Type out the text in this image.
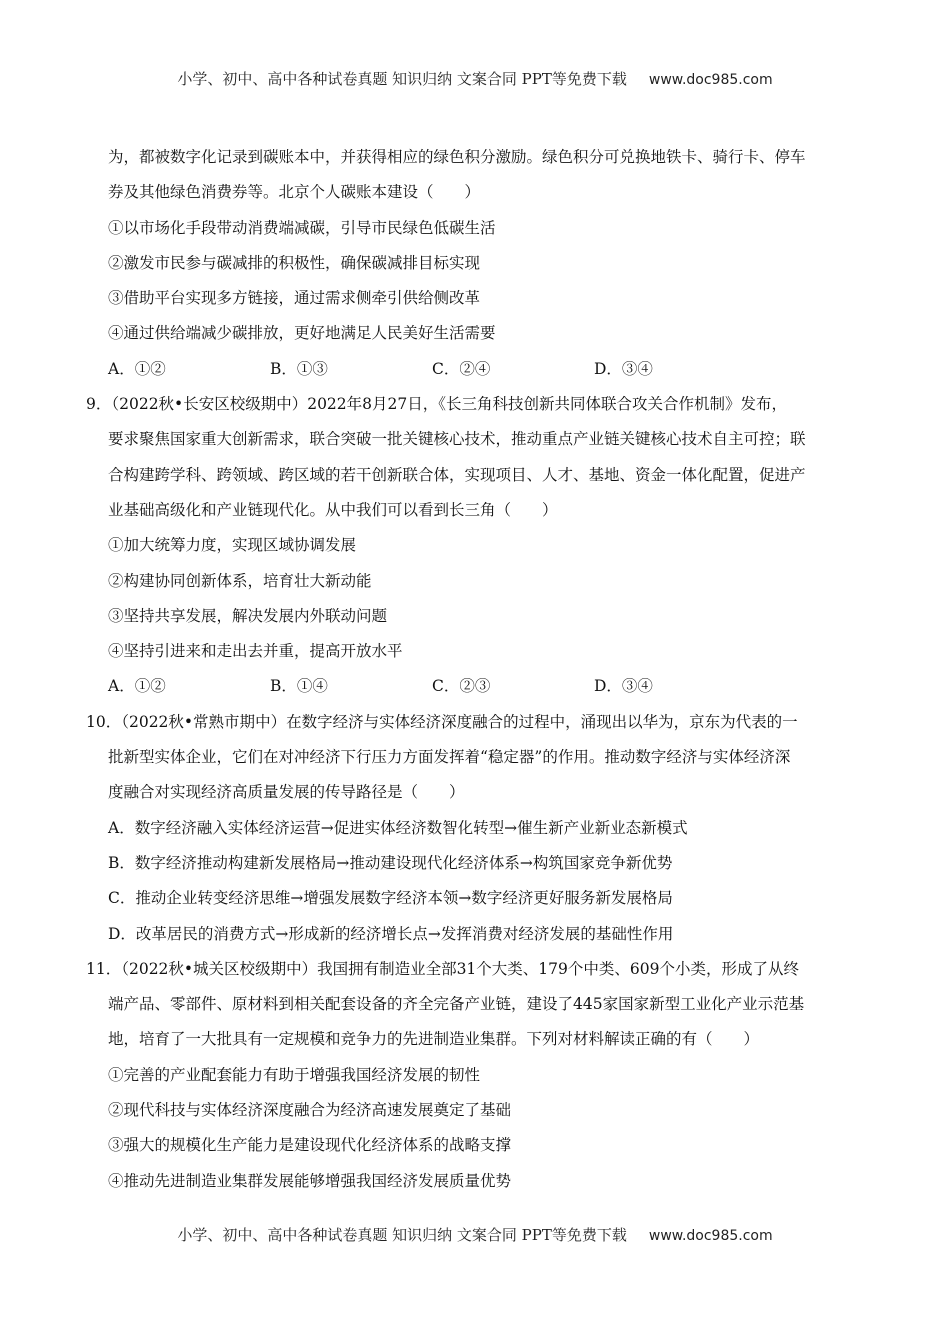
小学、初中、高中各种试卷真题 知识归纳 文案合同 PPT等免费下载 www.doc985.com
为，都被数字化记录到碳账本中，并获得相应的绿色积分激励。绿色积分可兑换地铁卡、骑行卡、停车
券及其他绿色消费券等。北京个人碳账本建设（　　）
①以市场化手段带动消费端减碳，引导市民绿色低碳生活
②激发市民参与碳减排的积极性，确保碳减排目标实现
③借助平台实现多方链接，通过需求侧牵引供给侧改革
④通过供给端减少碳排放，更好地满足人民美好生活需要
A．①②	B．①③	C．②④	D．③④
9．（2022秋•长安区校级期中）2022年8月27日，《长三角科技创新共同体联合攻关合作机制》发布，
要求聚焦国家重大创新需求，联合突破一批关键核心技术，推动重点产业链关键核心技术自主可控；联
合构建跨学科、跨领域、跨区域的若干创新联合体，实现项目、人才、基地、资金一体化配置，促进产
业基础高级化和产业链现代化。从中我们可以看到长三角（　　）
①加大统筹力度，实现区域协调发展
②构建协同创新体系，培育壮大新动能
③坚持共享发展，解决发展内外联动问题
④坚持引进来和走出去并重，提高开放水平
A．①②	B．①④	C．②③	D．③④
10．（2022秋•常熟市期中）在数字经济与实体经济深度融合的过程中，涌现出以华为，京东为代表的一
批新型实体企业，它们在对冲经济下行压力方面发挥着“稳定器”的作用。推动数字经济与实体经济深
度融合对实现经济高质量发展的传导路径是（　　）
A．数字经济融入实体经济运营→促进实体经济数智化转型→催生新产业新业态新模式
B．数字经济推动构建新发展格局→推动建设现代化经济体系→构筑国家竞争新优势
C．推动企业转变经济思维→增强发展数字经济本领→数字经济更好服务新发展格局
D．改革居民的消费方式→形成新的经济增长点→发挥消费对经济发展的基础性作用
11．（2022秋•城关区校级期中）我国拥有制造业全部31个大类、179个中类、609个小类，形成了从终
端产品、零部件、原材料到相关配套设备的齐全完备产业链，建设了445家国家新型工业化产业示范基
地，培育了一大批具有一定规模和竞争力的先进制造业集群。下列对材料解读正确的有（　　）
①完善的产业配套能力有助于增强我国经济发展的韧性
②现代科技与实体经济深度融合为经济高速发展奠定了基础
③强大的规模化生产能力是建设现代化经济体系的战略支撑
④推动先进制造业集群发展能够增强我国经济发展质量优势
小学、初中、高中各种试卷真题 知识归纳 文案合同 PPT等免费下载 www.doc985.com
